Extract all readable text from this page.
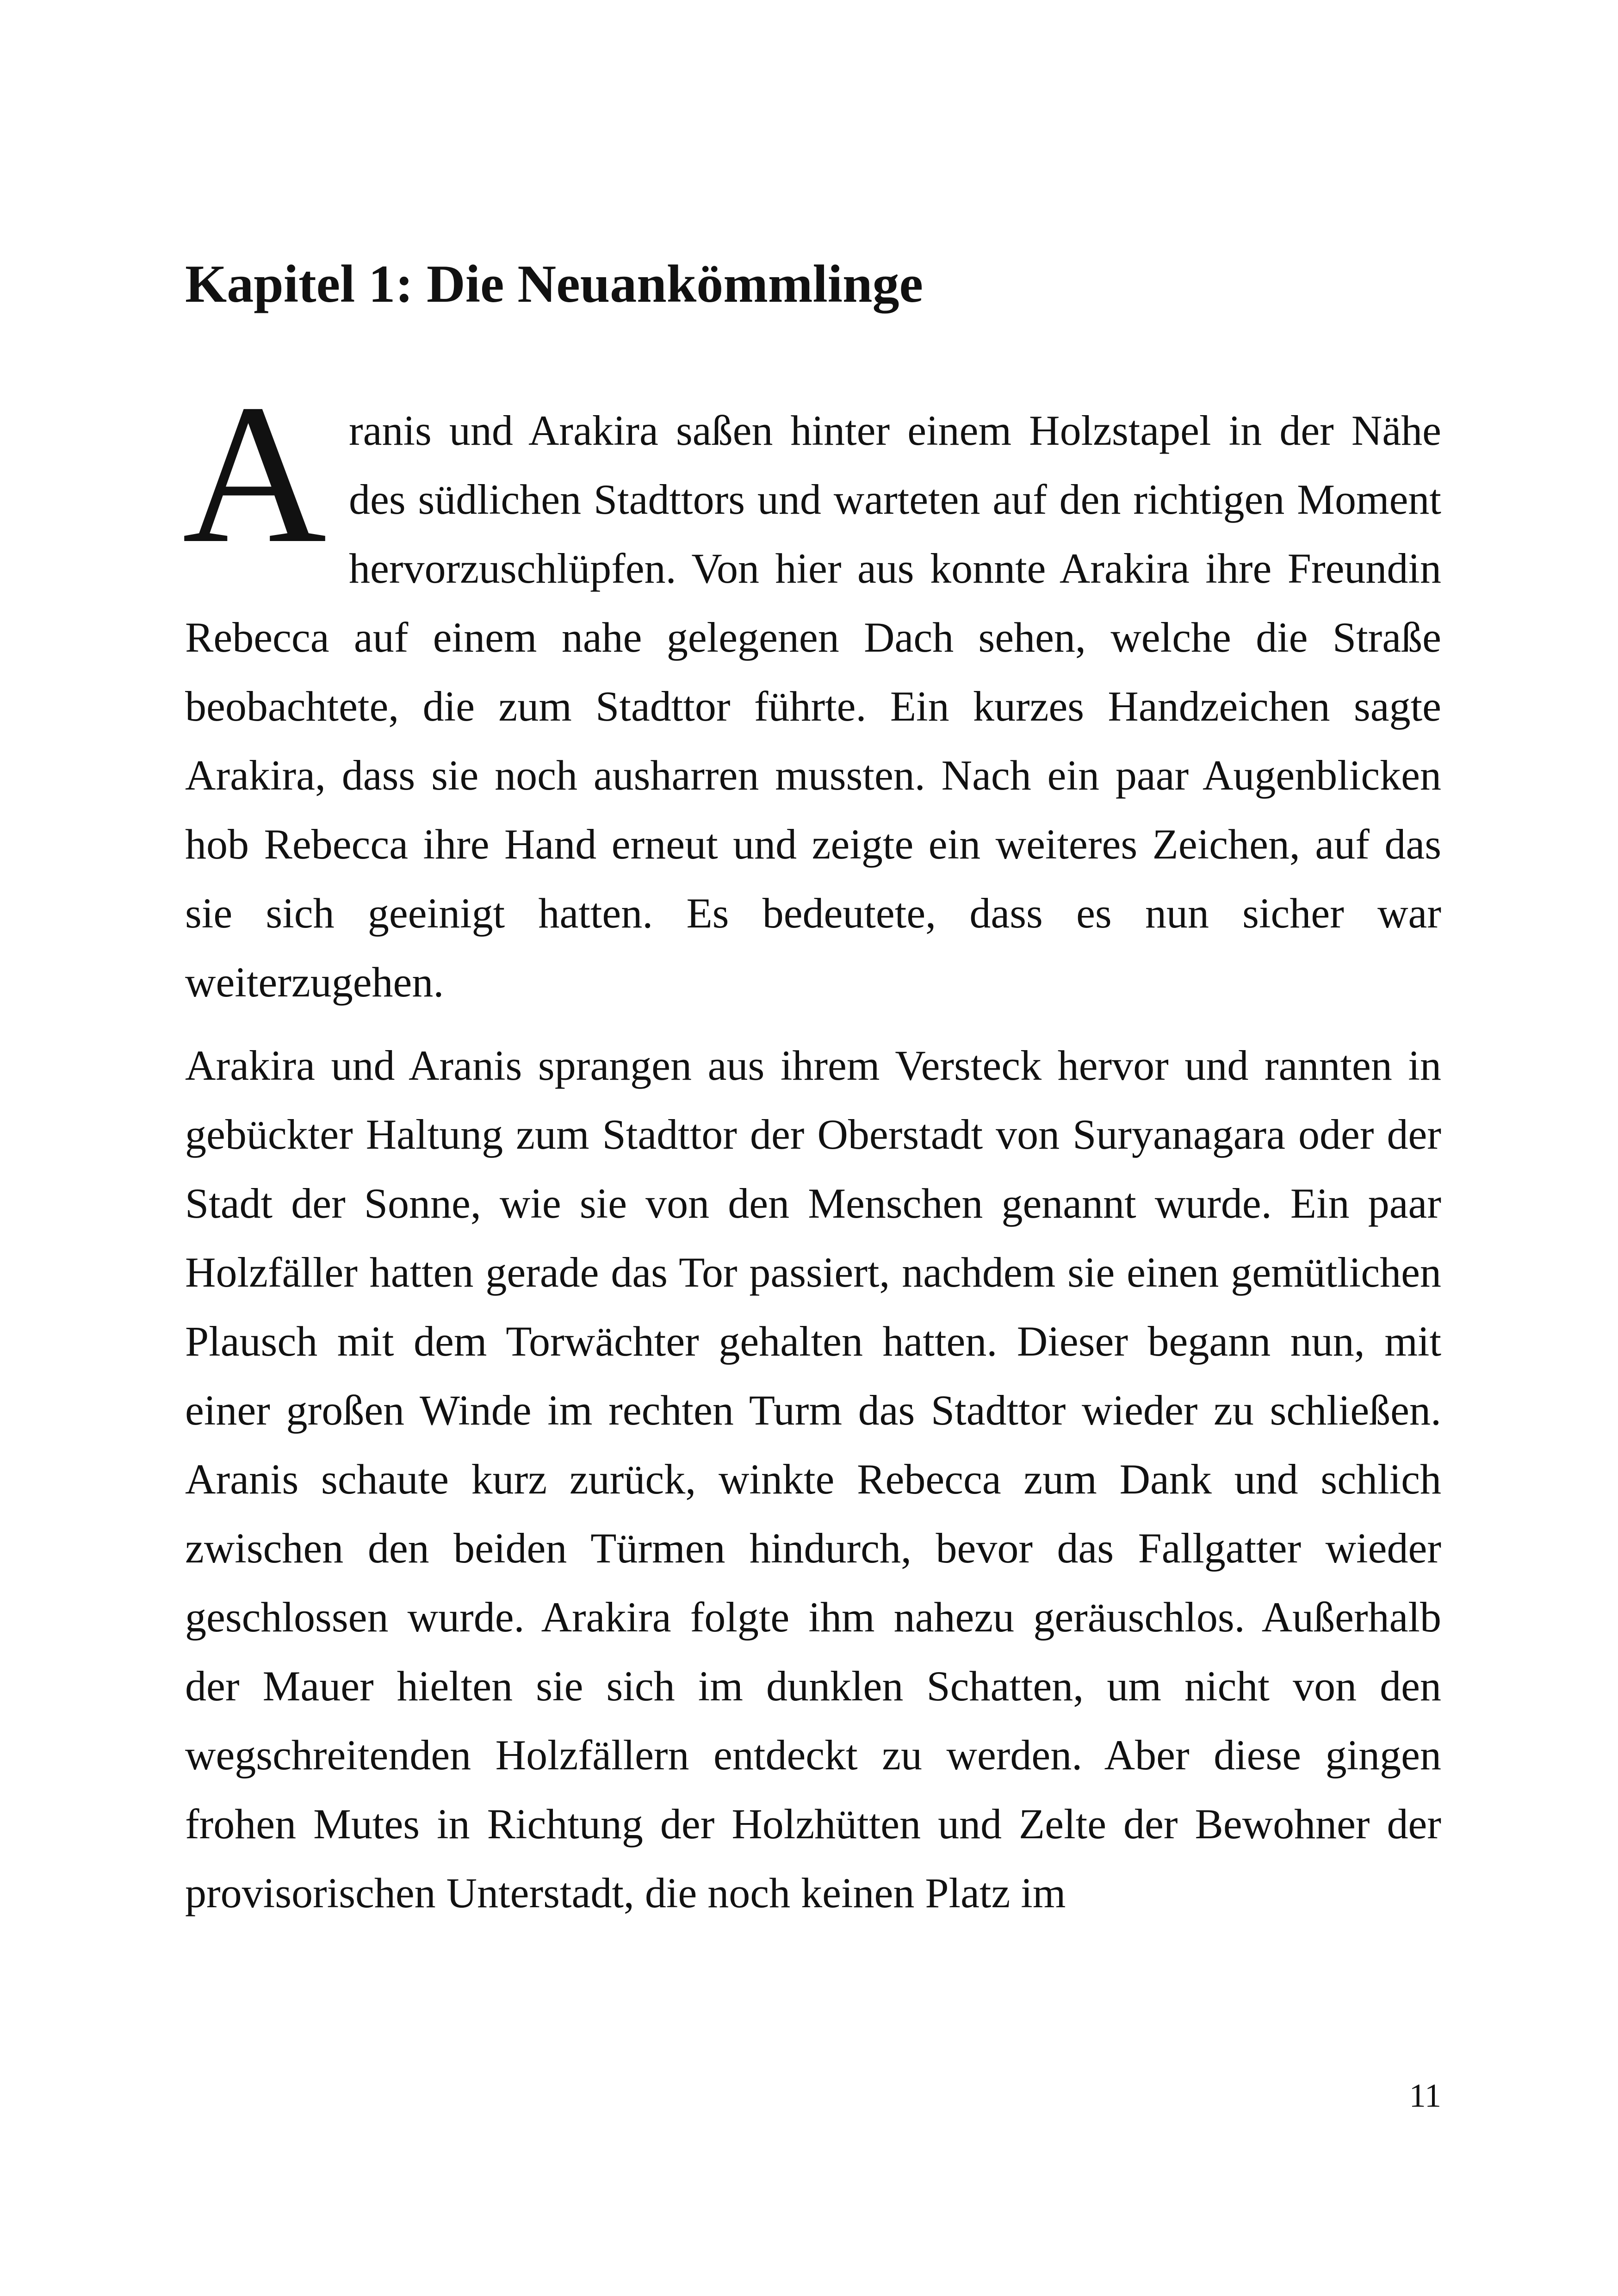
Kapitel 1: Die Neuankömmlinge

Aranis und Arakira saßen hinter einem Holzstapel in der Nähe des südlichen Stadttors und warteten auf den richtigen Moment hervorzuschlüpfen. Von hier aus konnte Arakira ihre Freundin Rebecca auf einem nahe gelegenen Dach sehen, welche die Straße beobachtete, die zum Stadttor führte. Ein kurzes Handzeichen sagte Arakira, dass sie noch ausharren mussten. Nach ein paar Augenblicken hob Rebecca ihre Hand erneut und zeigte ein weiteres Zeichen, auf das sie sich geeinigt hatten. Es bedeutete, dass es nun sicher war weiterzugehen.

Arakira und Aranis sprangen aus ihrem Versteck hervor und rannten in gebückter Haltung zum Stadttor der Oberstadt von Suryanagara oder der Stadt der Sonne, wie sie von den Menschen genannt wurde. Ein paar Holzfäller hatten gerade das Tor passiert, nachdem sie einen gemütlichen Plausch mit dem Torwächter gehalten hatten. Dieser begann nun, mit einer großen Winde im rechten Turm das Stadttor wieder zu schließen. Aranis schaute kurz zurück, winkte Rebecca zum Dank und schlich zwischen den beiden Türmen hindurch, bevor das Fallgatter wieder geschlossen wurde. Arakira folgte ihm nahezu geräuschlos. Außerhalb der Mauer hielten sie sich im dunklen Schatten, um nicht von den wegschreitenden Holzfällern entdeckt zu werden. Aber diese gingen frohen Mutes in Richtung der Holzhütten und Zelte der Bewohner der provisorischen Unterstadt, die noch keinen Platz im

11
